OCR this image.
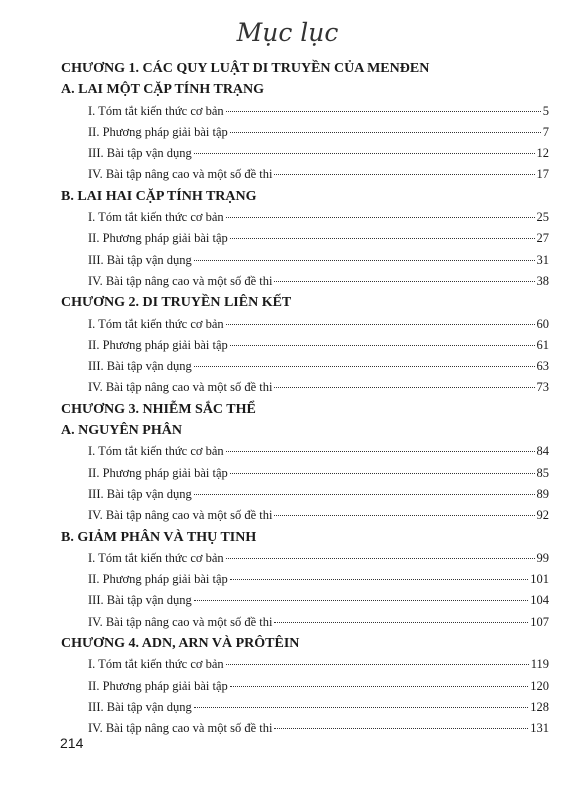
Mục lục
CHƯƠNG 1. CÁC QUY LUẬT DI TRUYỀN CỦA MENĐEN
A. LAI MỘT CẶP TÍNH TRẠNG
I. Tóm tắt kiến thức cơ bản	5
II. Phương pháp giải bài tập	7
III. Bài tập vận dụng	12
IV. Bài tập nâng cao và một số đề thi	17
B. LAI HAI CẶP TÍNH TRẠNG
I. Tóm tắt kiến thức cơ bản	25
II. Phương pháp giải bài tập	27
III. Bài tập vận dụng	31
IV. Bài tập nâng cao và một số đề thi	38
CHƯƠNG 2. DI TRUYỀN LIÊN KẾT
I. Tóm tắt kiến thức cơ bản	60
II. Phương pháp giải bài tập	61
III. Bài tập vận dụng	63
IV. Bài tập nâng cao và một số đề thi	73
CHƯƠNG 3. NHIỄM SẮC THỂ
A. NGUYÊN PHÂN
I. Tóm tắt kiến thức cơ bản	84
II. Phương pháp giải bài tập	85
III. Bài tập vận dụng	89
IV. Bài tập nâng cao và một số đề thi	92
B. GIẢM PHÂN VÀ THỤ TINH
I. Tóm tắt kiến thức cơ bản	99
II. Phương pháp giải bài tập	101
III. Bài tập vận dụng	104
IV. Bài tập nâng cao và một số đề thi	107
CHƯƠNG 4. ADN, ARN VÀ PRÔTÊIN
I. Tóm tắt kiến thức cơ bản	119
II. Phương pháp giải bài tập	120
III. Bài tập vận dụng	128
IV. Bài tập nâng cao và một số đề thi	131
214
